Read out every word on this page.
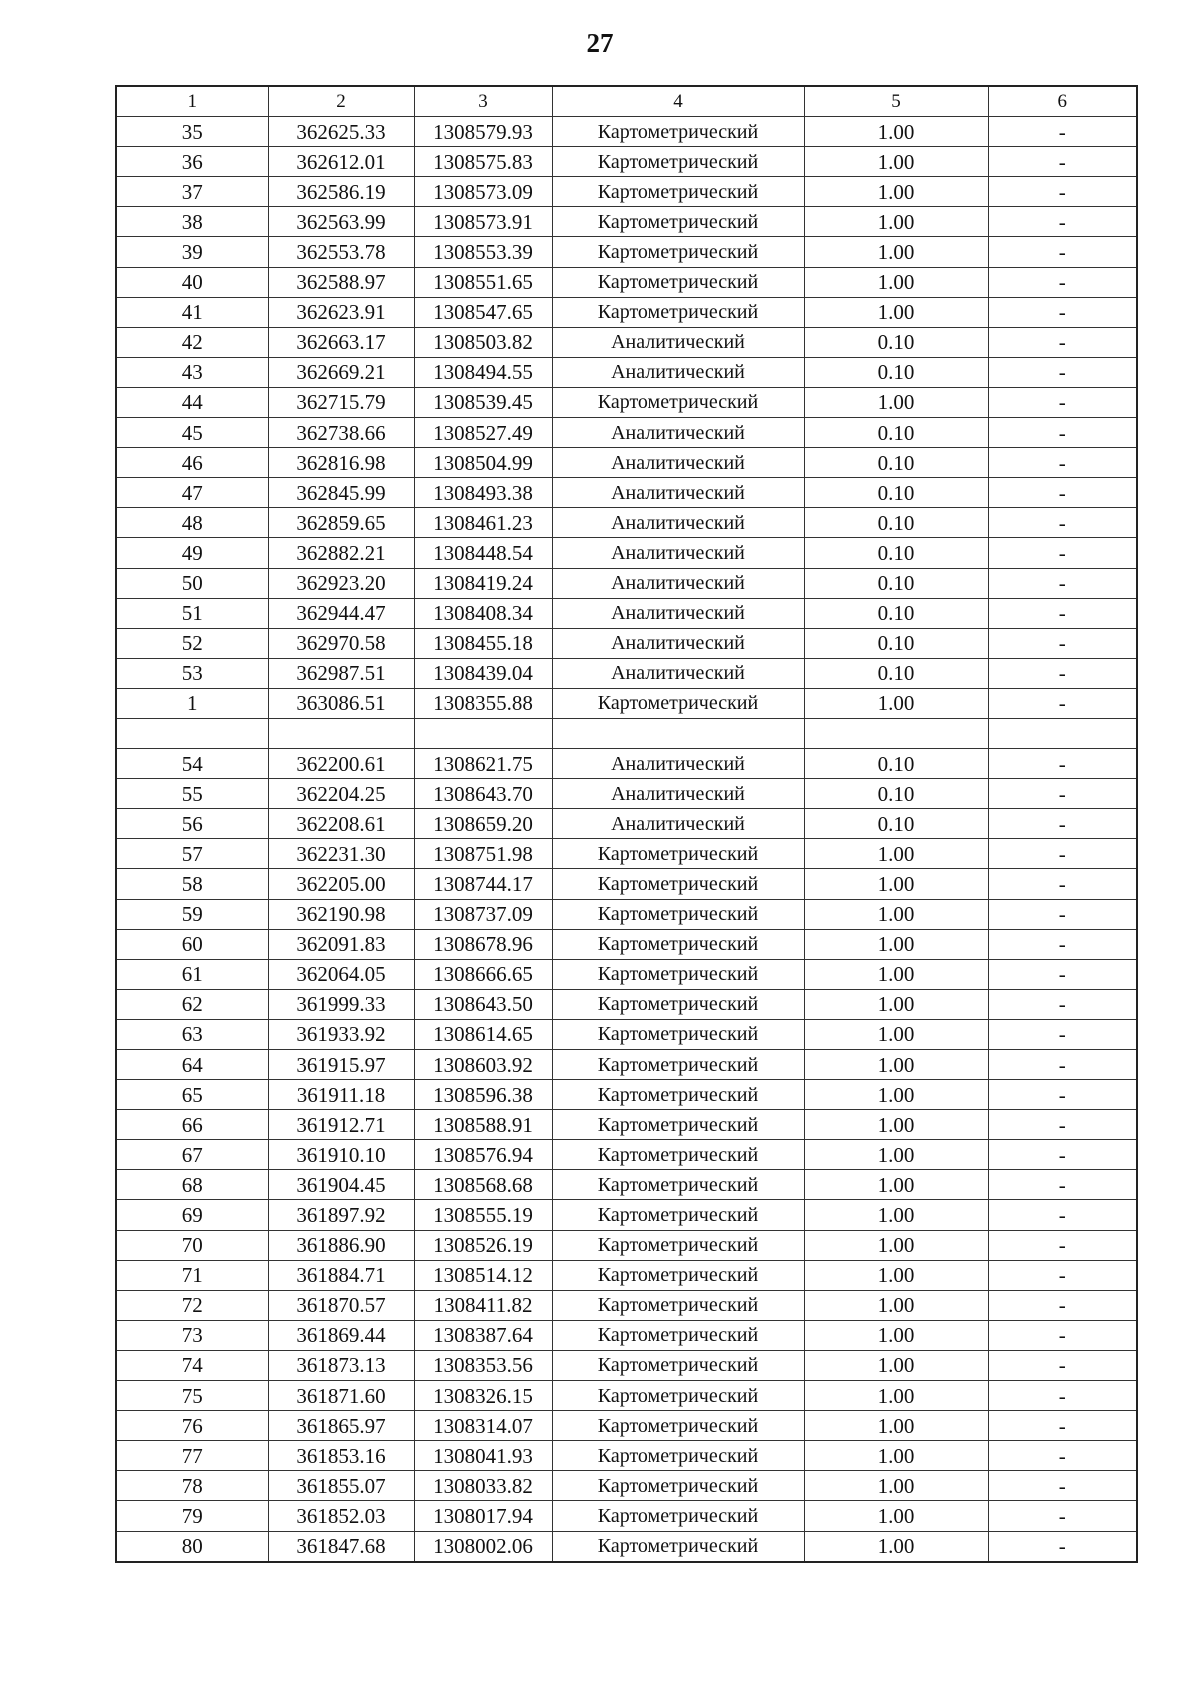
27
1	2	3	4	5	6
35	362625.33	1308579.93	Картометрический	1.00	-
36	362612.01	1308575.83	Картометрический	1.00	-
37	362586.19	1308573.09	Картометрический	1.00	-
38	362563.99	1308573.91	Картометрический	1.00	-
39	362553.78	1308553.39	Картометрический	1.00	-
40	362588.97	1308551.65	Картометрический	1.00	-
41	362623.91	1308547.65	Картометрический	1.00	-
42	362663.17	1308503.82	Аналитический	0.10	-
43	362669.21	1308494.55	Аналитический	0.10	-
44	362715.79	1308539.45	Картометрический	1.00	-
45	362738.66	1308527.49	Аналитический	0.10	-
46	362816.98	1308504.99	Аналитический	0.10	-
47	362845.99	1308493.38	Аналитический	0.10	-
48	362859.65	1308461.23	Аналитический	0.10	-
49	362882.21	1308448.54	Аналитический	0.10	-
50	362923.20	1308419.24	Аналитический	0.10	-
51	362944.47	1308408.34	Аналитический	0.10	-
52	362970.58	1308455.18	Аналитический	0.10	-
53	362987.51	1308439.04	Аналитический	0.10	-
1	363086.51	1308355.88	Картометрический	1.00	-

54	362200.61	1308621.75	Аналитический	0.10	-
55	362204.25	1308643.70	Аналитический	0.10	-
56	362208.61	1308659.20	Аналитический	0.10	-
57	362231.30	1308751.98	Картометрический	1.00	-
58	362205.00	1308744.17	Картометрический	1.00	-
59	362190.98	1308737.09	Картометрический	1.00	-
60	362091.83	1308678.96	Картометрический	1.00	-
61	362064.05	1308666.65	Картометрический	1.00	-
62	361999.33	1308643.50	Картометрический	1.00	-
63	361933.92	1308614.65	Картометрический	1.00	-
64	361915.97	1308603.92	Картометрический	1.00	-
65	361911.18	1308596.38	Картометрический	1.00	-
66	361912.71	1308588.91	Картометрический	1.00	-
67	361910.10	1308576.94	Картометрический	1.00	-
68	361904.45	1308568.68	Картометрический	1.00	-
69	361897.92	1308555.19	Картометрический	1.00	-
70	361886.90	1308526.19	Картометрический	1.00	-
71	361884.71	1308514.12	Картометрический	1.00	-
72	361870.57	1308411.82	Картометрический	1.00	-
73	361869.44	1308387.64	Картометрический	1.00	-
74	361873.13	1308353.56	Картометрический	1.00	-
75	361871.60	1308326.15	Картометрический	1.00	-
76	361865.97	1308314.07	Картометрический	1.00	-
77	361853.16	1308041.93	Картометрический	1.00	-
78	361855.07	1308033.82	Картометрический	1.00	-
79	361852.03	1308017.94	Картометрический	1.00	-
80	361847.68	1308002.06	Картометрический	1.00	-
